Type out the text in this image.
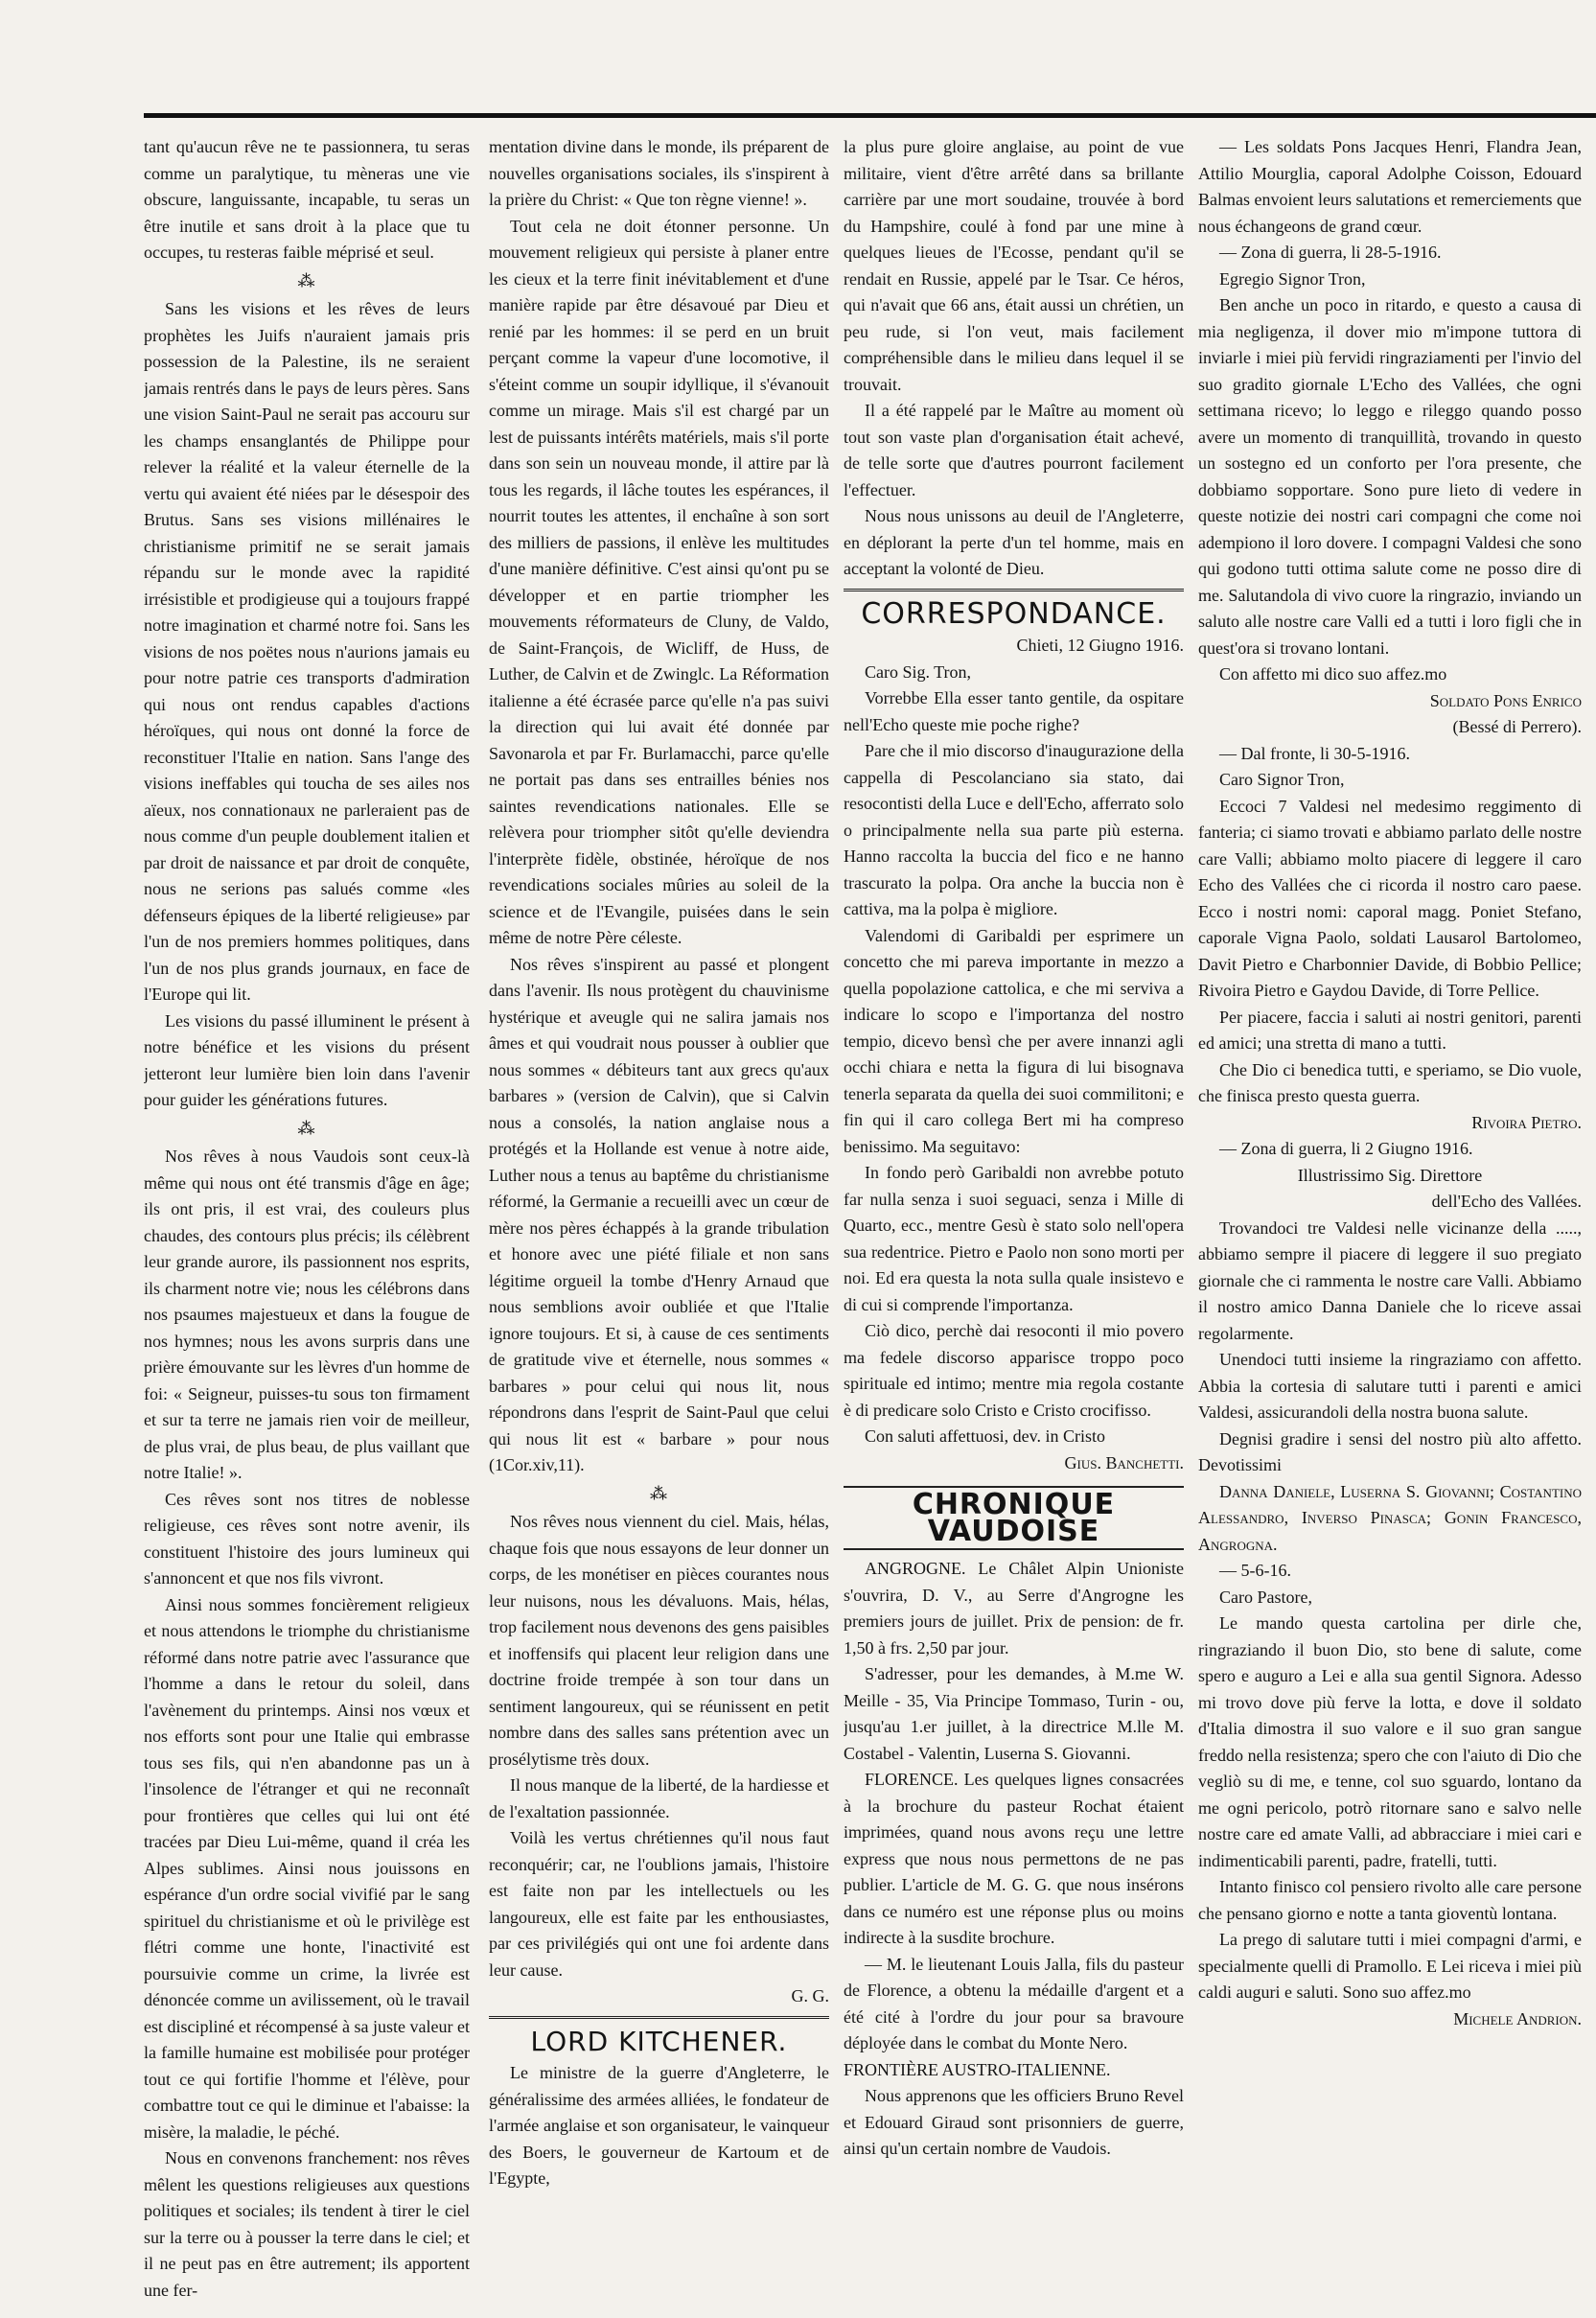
tant qu'aucun rêve ne te passionnera, tu seras comme un paralytique, tu mèneras une vie obscure, languissante, incapable, tu seras un être inutile et sans droit à la place que tu occupes, tu resteras faible méprisé et seul.

⁂

Sans les visions et les rêves de leurs prophètes les Juifs n'auraient jamais pris possession de la Palestine, ils ne seraient jamais rentrés dans le pays de leurs pères. Sans une vision Saint-Paul ne serait pas accouru sur les champs ensanglantés de Philippe pour relever la réalité et la valeur éternelle de la vertu qui avaient été niées par le désespoir des Brutus. Sans ses visions millénaires le christianisme primitif ne se serait jamais répandu sur le monde avec la rapidité irrésistible et prodigieuse qui a toujours frappé notre imagination et charmé notre foi. Sans les visions de nos poëtes nous n'aurions jamais eu pour notre patrie ces transports d'admiration qui nous ont rendus capables d'actions héroïques, qui nous ont donné la force de reconstituer l'Italie en nation. Sans l'ange des visions ineffables qui toucha de ses ailes nos aïeux, nos connationaux ne parleraient pas de nous comme d'un peuple doublement italien et par droit de naissance et par droit de conquête, nous ne serions pas salués comme «les défenseurs épiques de la liberté religieuse» par l'un de nos premiers hommes politiques, dans l'un de nos plus grands journaux, en face de l'Europe qui lit.

Les visions du passé illuminent le présent à notre bénéfice et les visions du présent jetteront leur lumière bien loin dans l'avenir pour guider les générations futures.

⁂

Nos rêves à nous Vaudois sont ceux-là même qui nous ont été transmis d'âge en âge; ils ont pris, il est vrai, des couleurs plus chaudes, des contours plus précis; ils célèbrent leur grande aurore, ils passionnent nos esprits, ils charment notre vie; nous les célébrons dans nos psaumes majestueux et dans la fougue de nos hymnes; nous les avons surpris dans une prière émouvante sur les lèvres d'un homme de foi: « Seigneur, puisses-tu sous ton firmament et sur ta terre ne jamais rien voir de meilleur, de plus vrai, de plus beau, de plus vaillant que notre Italie! ».

Ces rêves sont nos titres de noblesse religieuse, ces rêves sont notre avenir, ils constituent l'histoire des jours lumineux qui s'annoncent et que nos fils vivront.

Ainsi nous sommes foncièrement religieux et nous attendons le triomphe du christianisme réformé dans notre patrie avec l'assurance que l'homme a dans le retour du soleil, dans l'avènement du printemps. Ainsi nos vœux et nos efforts sont pour une Italie qui embrasse tous ses fils, qui n'en abandonne pas un à l'insolence de l'étranger et qui ne reconnaît pour frontières que celles qui lui ont été tracées par Dieu Lui-même, quand il créa les Alpes sublimes. Ainsi nous jouissons en espérance d'un ordre social vivifié par le sang spirituel du christianisme et où le privilège est flétri comme une honte, l'inactivité est poursuivie comme un crime, la livrée est dénoncée comme un avilissement, où le travail est discipliné et récompensé à sa juste valeur et la famille humaine est mobilisée pour protéger tout ce qui fortifie l'homme et l'élève, pour combattre tout ce qui le diminue et l'abaisse: la misère, la maladie, le péché.

Nous en convenons franchement: nos rêves mêlent les questions religieuses aux questions politiques et sociales; ils tendent à tirer le ciel sur la terre ou à pousser la terre dans le ciel; et il ne peut pas en être autrement; ils apportent une fer-

mentation divine dans le monde, ils préparent de nouvelles organisations sociales, ils s'inspirent à la prière du Christ: « Que ton règne vienne! ».

Tout cela ne doit étonner personne. Un mouvement religieux qui persiste à planer entre les cieux et la terre finit inévitablement et d'une manière rapide par être désavoué par Dieu et renié par les hommes: il se perd en un bruit perçant comme la vapeur d'une locomotive, il s'éteint comme un soupir idyllique, il s'évanouit comme un mirage. Mais s'il est chargé par un lest de puissants intérêts matériels, mais s'il porte dans son sein un nouveau monde, il attire par là tous les regards, il lâche toutes les espérances, il nourrit toutes les attentes, il enchaîne à son sort des milliers de passions, il enlève les multitudes d'une manière définitive. C'est ainsi qu'ont pu se développer et en partie triompher les mouvements réformateurs de Cluny, de Valdo, de Saint-François, de Wicliff, de Huss, de Luther, de Calvin et de Zwinglc. La Réformation italienne a été écrasée parce qu'elle n'a pas suivi la direction qui lui avait été donnée par Savonarola et par Fr. Burlamacchi, parce qu'elle ne portait pas dans ses entrailles bénies nos saintes revendications nationales. Elle se relèvera pour triompher sitôt qu'elle deviendra l'interprète fidèle, obstinée, héroïque de nos revendications sociales mûries au soleil de la science et de l'Evangile, puisées dans le sein même de notre Père céleste.

Nos rêves s'inspirent au passé et plongent dans l'avenir. Ils nous protègent du chauvinisme hystérique et aveugle qui ne salira jamais nos âmes et qui voudrait nous pousser à oublier que nous sommes « débiteurs tant aux grecs qu'aux barbares » (version de Calvin), que si Calvin nous a consolés, la nation anglaise nous a protégés et la Hollande est venue à notre aide, Luther nous a tenus au baptême du christianisme réformé, la Germanie a recueilli avec un cœur de mère nos pères échappés à la grande tribulation et honore avec une piété filiale et non sans légitime orgueil la tombe d'Henry Arnaud que nous semblions avoir oubliée et que l'Italie ignore toujours. Et si, à cause de ces sentiments de gratitude vive et éternelle, nous sommes « barbares » pour celui qui nous lit, nous répondrons dans l'esprit de Saint-Paul que celui qui nous lit est « barbare » pour nous (1Cor.xiv,11).

⁂

Nos rêves nous viennent du ciel. Mais, hélas, chaque fois que nous essayons de leur donner un corps, de les monétiser en pièces courantes nous leur nuisons, nous les dévaluons. Mais, hélas, trop facilement nous devenons des gens paisibles et inoffensifs qui placent leur religion dans une doctrine froide trempée à son tour dans un sentiment langoureux, qui se réunissent en petit nombre dans des salles sans prétention avec un prosélytisme très doux.

Il nous manque de la liberté, de la hardiesse et de l'exaltation passionnée.

Voilà les vertus chrétiennes qu'il nous faut reconquérir; car, ne l'oublions jamais, l'histoire est faite non par les intellectuels ou les langoureux, elle est faite par les enthousiastes, par ces privilégiés qui ont une foi ardente dans leur cause.

G. G.
LORD KITCHENER.

Le ministre de la guerre d'Angleterre, le généralissime des armées alliées, le fondateur de l'armée anglaise et son organisateur, le vainqueur des Boers, le gouverneur de Kartoum et de l'Egypte,

la plus pure gloire anglaise, au point de vue militaire, vient d'être arrêté dans sa brillante carrière par une mort soudaine, trouvée à bord du Hampshire, coulé à fond par une mine à quelques lieues de l'Ecosse, pendant qu'il se rendait en Russie, appelé par le Tsar. Ce héros, qui n'avait que 66 ans, était aussi un chrétien, un peu rude, si l'on veut, mais facilement compréhensible dans le milieu dans lequel il se trouvait.

Il a été rappelé par le Maître au moment où tout son vaste plan d'organisation était achevé, de telle sorte que d'autres pourront facilement l'effectuer.

Nous nous unissons au deuil de l'Angleterre, en déplorant la perte d'un tel homme, mais en acceptant la volonté de Dieu.

CORRESPONDANCE.
Chieti, 12 Giugno 1916.

Caro Sig. Tron,

Vorrebbe Ella esser tanto gentile, da ospitare nell'Echo queste mie poche righe?

Pare che il mio discorso d'inaugurazione della cappella di Pescolanciano sia stato, dai resocontisti della Luce e dell'Echo, afferrato solo o principalmente nella sua parte più esterna. Hanno raccolta la buccia del fico e ne hanno trascurato la polpa. Ora anche la buccia non è cattiva, ma la polpa è migliore.

Valendomi di Garibaldi per esprimere un concetto che mi pareva importante in mezzo a quella popolazione cattolica, e che mi serviva a indicare lo scopo e l'importanza del nostro tempio, dicevo bensì che per avere innanzi agli occhi chiara e netta la figura di lui bisognava tenerla separata da quella dei suoi commilitoni; e fin qui il caro collega Bert mi ha compreso benissimo. Ma seguitavo:

In fondo però Garibaldi non avrebbe potuto far nulla senza i suoi seguaci, senza i Mille di Quarto, ecc., mentre Gesù è stato solo nell'opera sua redentrice. Pietro e Paolo non sono morti per noi. Ed era questa la nota sulla quale insistevo e di cui si comprende l'importanza.

Ciò dico, perchè dai resoconti il mio povero ma fedele discorso apparisce troppo poco spirituale ed intimo; mentre mia regola costante è di predicare solo Cristo e Cristo crocifisso.

Con saluti affettuosi, dev. in Cristo

Gius. Banchetti.
CHRONIQUE VAUDOISE

ANGROGNE. Le Châlet Alpin Unioniste s'ouvrira, D. V., au Serre d'Angrogne les premiers jours de juillet. Prix de pension: de fr. 1,50 à frs. 2,50 par jour.

S'adresser, pour les demandes, à M.me W. Meille - 35, Via Principe Tommaso, Turin - ou, jusqu'au 1.er juillet, à la directrice M.lle M. Costabel - Valentin, Luserna S. Giovanni.

FLORENCE. Les quelques lignes consacrées à la brochure du pasteur Rochat étaient imprimées, quand nous avons reçu une lettre express que nous nous permettons de ne pas publier. L'article de M. G. G. que nous insérons dans ce numéro est une réponse plus ou moins indirecte à la susdite brochure.

— M. le lieutenant Louis Jalla, fils du pasteur de Florence, a obtenu la médaille d'argent et a été cité à l'ordre du jour pour sa bravoure déployée dans le combat du Monte Nero.

FRONTIÈRE AUSTRO-ITALIENNE.

Nous apprenons que les officiers Bruno Revel et Edouard Giraud sont prisonniers de guerre, ainsi qu'un certain nombre de Vaudois.

— Les soldats Pons Jacques Henri, Flandra Jean, Attilio Mourglia, caporal Adolphe Coisson, Edouard Balmas envoient leurs salutations et remerciements que nous échangeons de grand cœur.

— Zona di guerra, li 28-5-1916.

Egregio Signor Tron,

Ben anche un poco in ritardo, e questo a causa di mia negligenza, il dover mio m'impone tuttora di inviarle i miei più fervidi ringraziamenti per l'invio del suo gradito giornale L'Echo des Vallées, che ogni settimana ricevo; lo leggo e rileggo quando posso avere un momento di tranquillità, trovando in questo un sostegno ed un conforto per l'ora presente, che dobbiamo sopportare. Sono pure lieto di vedere in queste notizie dei nostri cari compagni che come noi adempiono il loro dovere. I compagni Valdesi che sono qui godono tutti ottima salute come ne posso dire di me. Salutandola di vivo cuore la ringrazio, inviando un saluto alle nostre care Valli ed a tutti i loro figli che in quest'ora si trovano lontani.

Con affetto mi dico suo affez.mo

Soldato Pons Enrico
(Bessé di Perrero).

— Dal fronte, li 30-5-1916.

Caro Signor Tron,

Eccoci 7 Valdesi nel medesimo reggimento di fanteria; ci siamo trovati e abbiamo parlato delle nostre care Valli; abbiamo molto piacere di leggere il caro Echo des Vallées che ci ricorda il nostro caro paese. Ecco i nostri nomi: caporal magg. Poniet Stefano, caporale Vigna Paolo, soldati Lausarol Bartolomeo, Davit Pietro e Charbonnier Davide, di Bobbio Pellice; Rivoira Pietro e Gaydou Davide, di Torre Pellice.

Per piacere, faccia i saluti ai nostri genitori, parenti ed amici; una stretta di mano a tutti.

Che Dio ci benedica tutti, e speriamo, se Dio vuole, che finisca presto questa guerra.

Rivoira Pietro.

— Zona di guerra, li 2 Giugno 1916.

Illustrissimo Sig. Direttore
dell'Echo des Vallées.

Trovandoci tre Valdesi nelle vicinanze della ....., abbiamo sempre il piacere di leggere il suo pregiato giornale che ci rammenta le nostre care Valli. Abbiamo il nostro amico Danna Daniele che lo riceve assai regolarmente.

Unendoci tutti insieme la ringraziamo con affetto. Abbia la cortesia di salutare tutti i parenti e amici Valdesi, assicurandoli della nostra buona salute.

Degnisi gradire i sensi del nostro più alto affetto. Devotissimi

Danna Daniele, Luserna S. Giovanni; Costantino Alessandro, Inverso Pinasca; Gonin Francesco, Angrogna.

— 5-6-16.

Caro Pastore,

Le mando questa cartolina per dirle che, ringraziando il buon Dio, sto bene di salute, come spero e auguro a Lei e alla sua gentil Signora. Adesso mi trovo dove più ferve la lotta, e dove il soldato d'Italia dimostra il suo valore e il suo gran sangue freddo nella resistenza; spero che con l'aiuto di Dio che vegliò su di me, e tenne, col suo sguardo, lontano da me ogni pericolo, potrò ritornare sano e salvo nelle nostre care ed amate Valli, ad abbracciare i miei cari e indimenticabili parenti, padre, fratelli, tutti.

Intanto finisco col pensiero rivolto alle care persone che pensano giorno e notte a tanta gioventù lontana.

La prego di salutare tutti i miei compagni d'armi, e specialmente quelli di Pramollo. E Lei riceva i miei più caldi auguri e saluti. Sono suo affez.mo

Michele Andrion.
